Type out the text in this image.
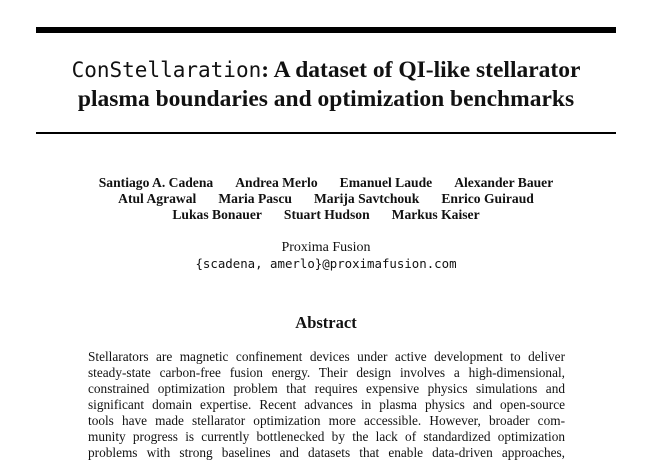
ConStellaration: A dataset of QI-like stellarator
plasma boundaries and optimization benchmarks
Santiago A. Cadena Andrea Merlo Emanuel Laude Alexander Bauer
Atul Agrawal Maria Pascu Marija Savtchouk Enrico Guiraud
Lukas Bonauer Stuart Hudson Markus Kaiser
Proxima Fusion
{scadena, amerlo}@proximafusion.com
Abstract
Stellarators are magnetic confinement devices under active development to deliver
steady-state carbon-free fusion energy. Their design involves a high-dimensional,
constrained optimization problem that requires expensive physics simulations and
significant domain expertise. Recent advances in plasma physics and open-source
tools have made stellarator optimization more accessible. However, broader com-
munity progress is currently bottlenecked by the lack of standardized optimization
problems with strong baselines and datasets that enable data-driven approaches,
